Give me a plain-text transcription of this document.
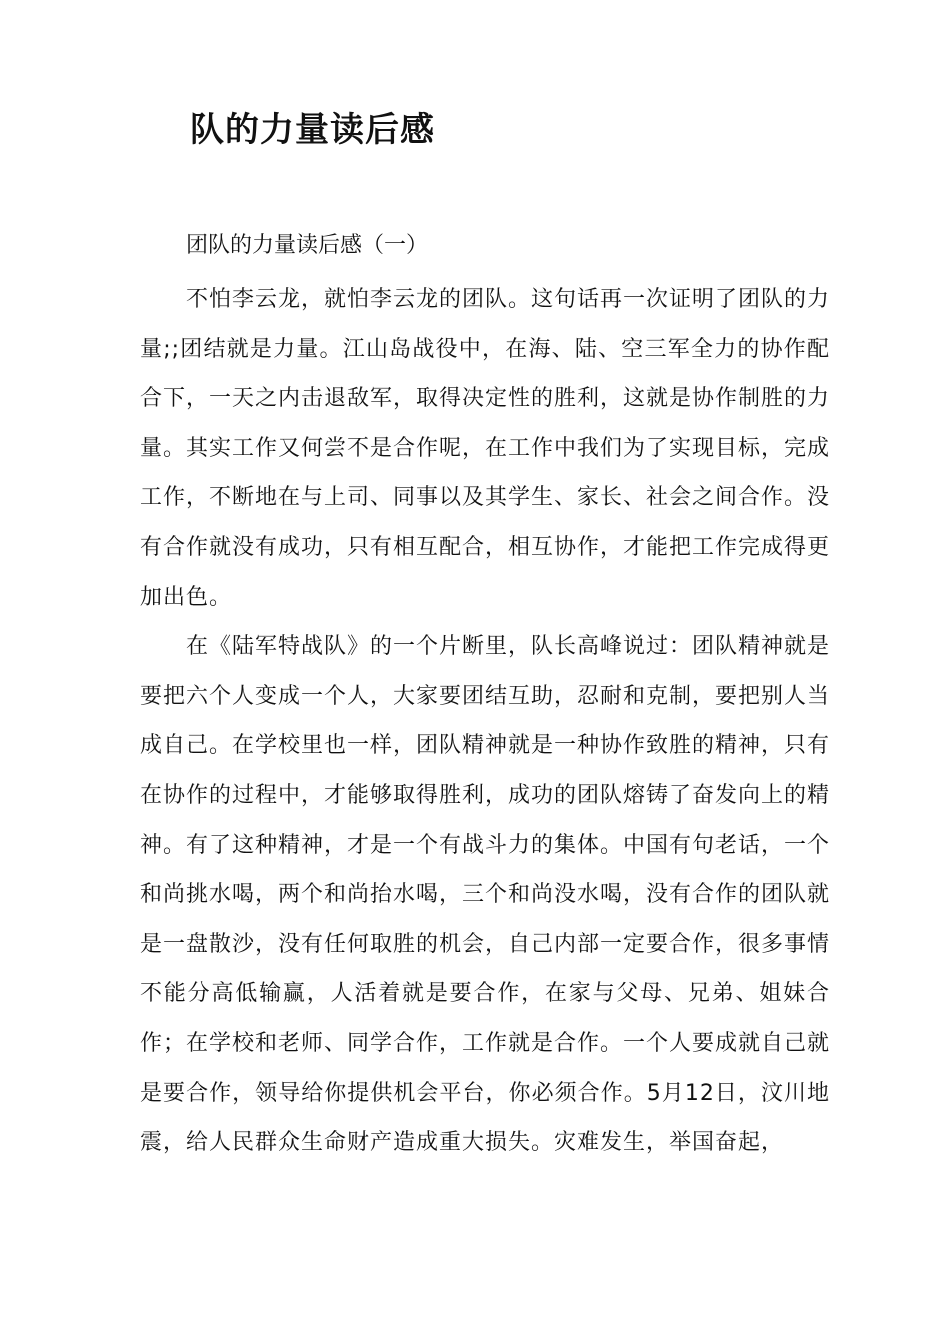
队的力量读后感

团队的力量读后感（一）

不怕李云龙，就怕李云龙的团队。这句话再一次证明了团队的力量;;团结就是力量。江山岛战役中，在海、陆、空三军全力的协作配合下，一天之内击退敌军，取得决定性的胜利，这就是协作制胜的力量。其实工作又何尝不是合作呢，在工作中我们为了实现目标，完成工作，不断地在与上司、同事以及其学生、家长、社会之间合作。没有合作就没有成功，只有相互配合，相互协作，才能把工作完成得更加出色。

在《陆军特战队》的一个片断里，队长高峰说过：团队精神就是要把六个人变成一个人，大家要团结互助，忍耐和克制，要把别人当成自己。在学校里也一样，团队精神就是一种协作致胜的精神，只有在协作的过程中，才能够取得胜利，成功的团队熔铸了奋发向上的精神。有了这种精神，才是一个有战斗力的集体。中国有句老话，一个和尚挑水喝，两个和尚抬水喝，三个和尚没水喝，没有合作的团队就是一盘散沙，没有任何取胜的机会，自己内部一定要合作，很多事情不能分高低输赢，人活着就是要合作，在家与父母、兄弟、姐妹合作；在学校和老师、同学合作，工作就是合作。一个人要成就自己就是要合作，领导给你提供机会平台，你必须合作。5月12日，汶川地震，给人民群众生命财产造成重大损失。灾难发生，举国奋起，
